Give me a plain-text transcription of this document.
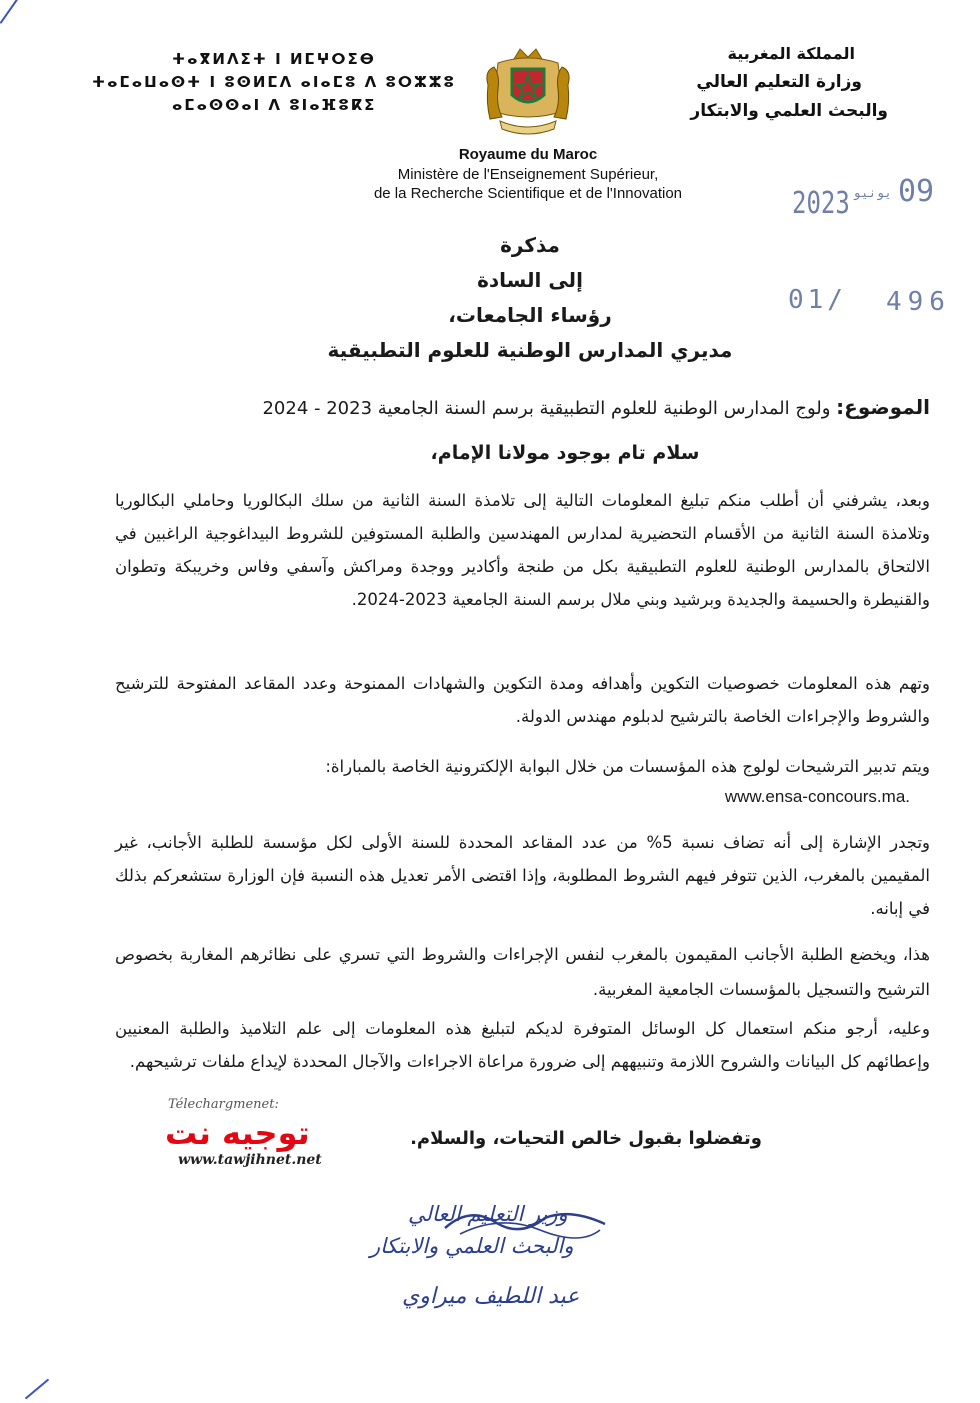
ⵜⴰⴳⵍⴷⵉⵜ ⵏ ⵍⵎⵖⵔⵉⴱ
ⵜⴰⵎⴰⵡⴰⵙⵜ ⵏ ⵓⵙⵍⵎⴷ ⴰⵏⴰⵎⵓ ⴷ ⵓⵔⵣⵣⵓ
ⴰⵎⴰⵙⵙⴰⵏ ⴷ ⵓⵏⴰⴼⵓⴽⵉ
المملكة المغربية
وزارة التعليم العالي
والبحث العلمي والابتكار
Royaume du Maroc
Ministère de l'Enseignement Supérieur,
de la Recherche Scientifique et de l'Innovation	2023 يونيو 09
01/ 496
مذكرة
إلى السادة
رؤساء الجامعات،
مديري المدارس الوطنية للعلوم التطبيقية
الموضوع: ولوج المدارس الوطنية للعلوم التطبيقية برسم السنة الجامعية 2023 - 2024
سلام تام بوجود مولانا الإمام،
وبعد، يشرفني أن أطلب منكم تبليغ المعلومات التالية إلى تلامذة السنة الثانية من سلك البكالوريا وحاملي البكالوريا وتلامذة السنة الثانية من الأقسام التحضيرية لمدارس المهندسين والطلبة المستوفين للشروط البيداغوجية الراغبين في الالتحاق بالمدارس الوطنية للعلوم التطبيقية بكل من طنجة وأكادير ووجدة ومراكش وآسفي وفاس وخريبكة وتطوان والقنيطرة والحسيمة والجديدة وبرشيد وبني ملال برسم السنة الجامعية 2023-2024.
وتهم هذه المعلومات خصوصيات التكوين وأهدافه ومدة التكوين والشهادات الممنوحة وعدد المقاعد المفتوحة للترشيح والشروط والإجراءات الخاصة بالترشيح لدبلوم مهندس الدولة.
ويتم تدبير الترشيحات لولوج هذه المؤسسات من خلال البوابة الإلكترونية الخاصة بالمباراة:
www.ensa-concours.ma.
وتجدر الإشارة إلى أنه تضاف نسبة 5% من عدد المقاعد المحددة للسنة الأولى لكل مؤسسة للطلبة الأجانب، غير المقيمين بالمغرب، الذين تتوفر فيهم الشروط المطلوبة، وإذا اقتضى الأمر تعديل هذه النسبة فإن الوزارة ستشعركم بذلك في إبانه.
هذا، ويخضع الطلبة الأجانب المقيمون بالمغرب لنفس الإجراءات والشروط التي تسري على نظائرهم المغاربة بخصوص الترشيح والتسجيل بالمؤسسات الجامعية المغربية.
وعليه، أرجو منكم استعمال كل الوسائل المتوفرة لديكم لتبليغ هذه المعلومات إلى علم التلاميذ والطلبة المعنيين وإعطائهم كل البيانات والشروح اللازمة وتنبيههم إلى ضرورة مراعاة الاجراءات والآجال المحددة لإيداع ملفات ترشيحهم.
Télechargmenet:
توجيه نت
www.tawjihnet.net
وتفضلوا بقبول خالص التحيات، والسلام.
وزير التعليم العالي
والبحث العلمي والابتكار
عبد اللطيف ميراوي
